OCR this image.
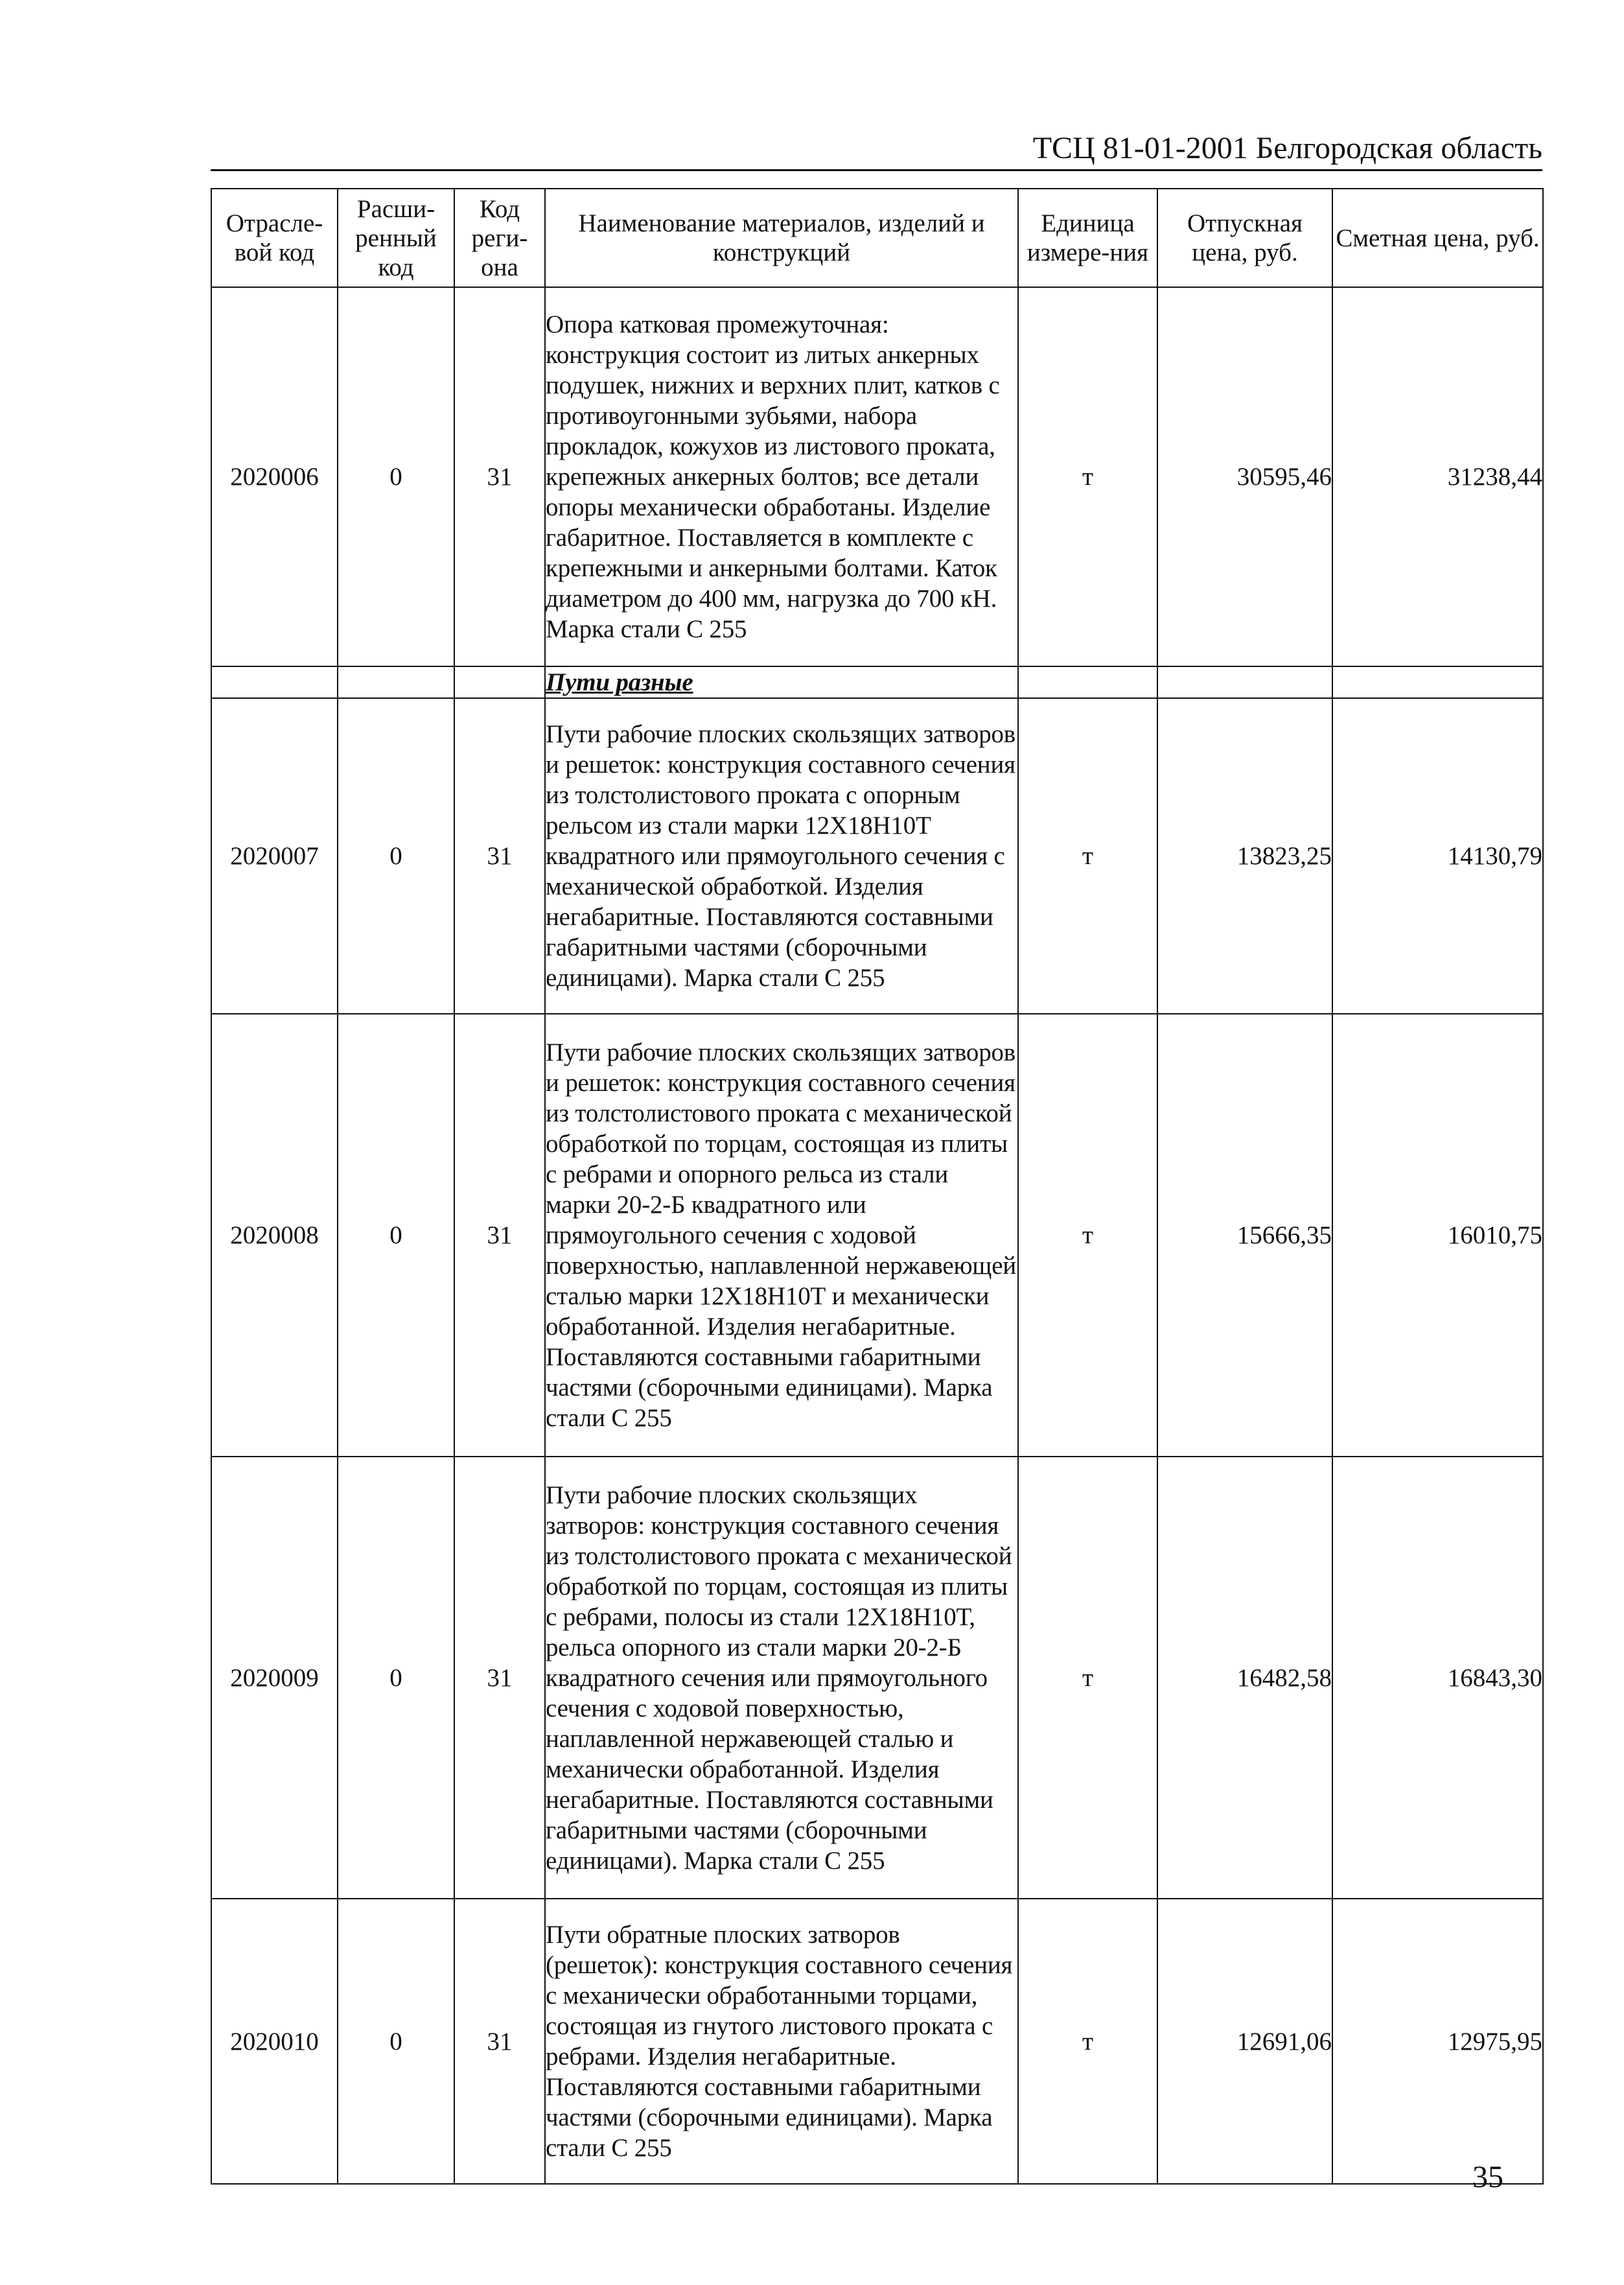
ТСЦ 81-01-2001 Белгородская область
Отрасле-вой код	Расши-ренный код	Код реги-она	Наименование материалов, изделий и конструкций	Единица измере-ния	Отпускная цена, руб.	Сметная цена, руб.
2020006	0	31	Опора катковая промежуточная: конструкция состоит из литых анкерных подушек, нижних и верхних плит, катков с противоугонными зубьями, набора прокладок, кожухов из листового проката, крепежных анкерных болтов; все детали опоры механически обработаны. Изделие габаритное. Поставляется в комплекте с крепежными и анкерными болтами. Каток диаметром до 400 мм, нагрузка до 700 кН. Марка стали С 255	т	30595,46	31238,44
			Пути разные			
2020007	0	31	Пути рабочие плоских скользящих затворов и решеток: конструкция составного сечения из толстолистового проката с опорным рельсом из стали марки 12Х18Н10Т квадратного или прямоугольного сечения с механической обработкой. Изделия негабаритные. Поставляются составными габаритными частями (сборочными единицами). Марка стали С 255	т	13823,25	14130,79
2020008	0	31	Пути рабочие плоских скользящих затворов и решеток: конструкция составного сечения из толстолистового проката с механической обработкой по торцам, состоящая из плиты с ребрами и опорного рельса из стали марки 20-2-Б квадратного или прямоугольного сечения с ходовой поверхностью, наплавленной нержавеющей сталью марки 12Х18Н10Т и механически обработанной. Изделия негабаритные. Поставляются составными габаритными частями (сборочными единицами). Марка стали С 255	т	15666,35	16010,75
2020009	0	31	Пути рабочие плоских скользящих затворов: конструкция составного сечения из толстолистового проката с механической обработкой по торцам, состоящая из плиты с ребрами, полосы из стали 12Х18Н10Т, рельса опорного из стали марки 20-2-Б квадратного сечения или прямоугольного сечения с ходовой поверхностью, наплавленной нержавеющей сталью и механически обработанной. Изделия негабаритные. Поставляются составными габаритными частями (сборочными единицами). Марка стали С 255	т	16482,58	16843,30
2020010	0	31	Пути обратные плоских затворов (решеток): конструкция составного сечения с механически обработанными торцами, состоящая из гнутого листового проката с ребрами. Изделия негабаритные. Поставляются составными габаритными частями (сборочными единицами). Марка стали С 255	т	12691,06	12975,95
35
